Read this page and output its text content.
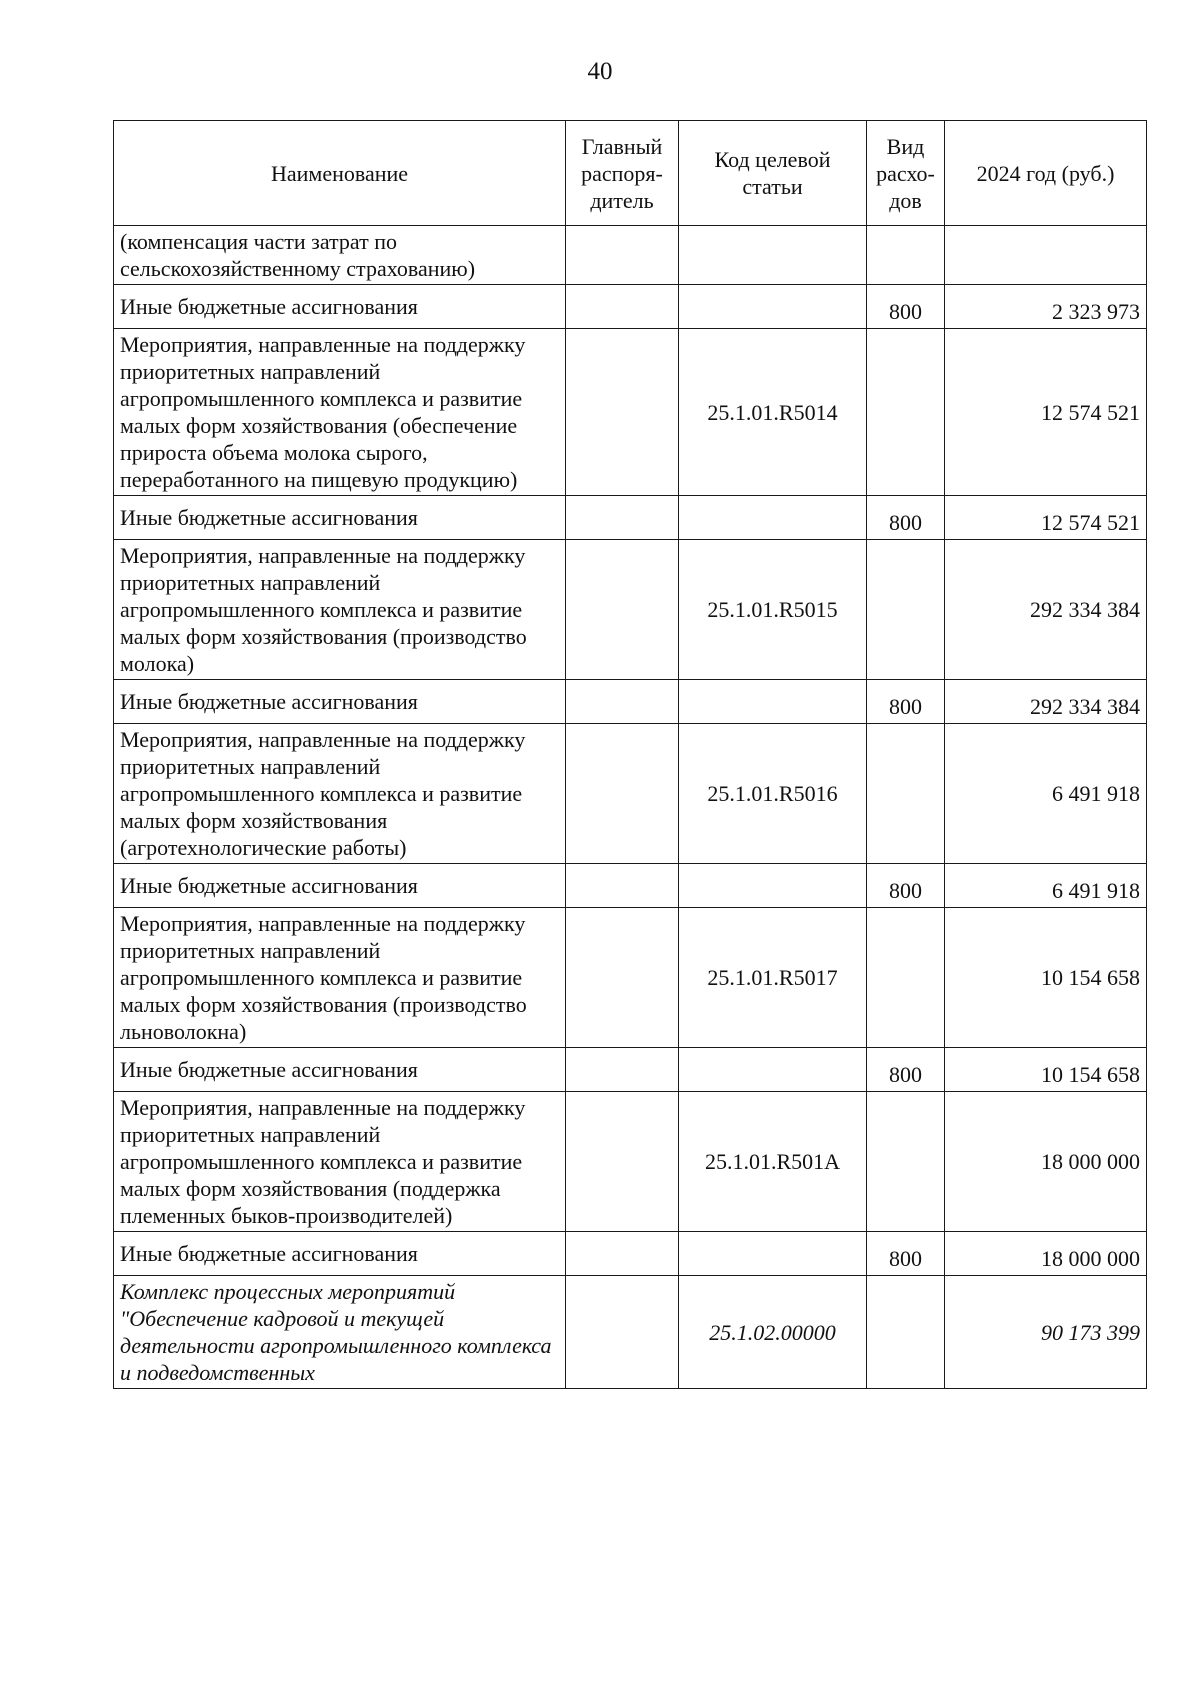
40
Наименование	Главный распоря-дитель	Код целевой статьи	Вид расхо-дов	2024 год (руб.)
(компенсация части затрат по сельскохозяйственному страхованию)				
Иные бюджетные ассигнования			800	2 323 973
Мероприятия, направленные на поддержку приоритетных направлений агропромышленного комплекса и развитие малых форм хозяйствования (обеспечение прироста объема молока сырого, переработанного на пищевую продукцию)		25.1.01.R5014		12 574 521
Иные бюджетные ассигнования			800	12 574 521
Мероприятия, направленные на поддержку приоритетных направлений агропромышленного комплекса и развитие малых форм хозяйствования (производство молока)		25.1.01.R5015		292 334 384
Иные бюджетные ассигнования			800	292 334 384
Мероприятия, направленные на поддержку приоритетных направлений агропромышленного комплекса и развитие малых форм хозяйствования (агротехнологические работы)		25.1.01.R5016		6 491 918
Иные бюджетные ассигнования			800	6 491 918
Мероприятия, направленные на поддержку приоритетных направлений агропромышленного комплекса и развитие малых форм хозяйствования (производство льноволокна)		25.1.01.R5017		10 154 658
Иные бюджетные ассигнования			800	10 154 658
Мероприятия, направленные на поддержку приоритетных направлений агропромышленного комплекса и развитие малых форм хозяйствования (поддержка племенных быков-производителей)		25.1.01.R501A		18 000 000
Иные бюджетные ассигнования			800	18 000 000
Комплекс процессных мероприятий "Обеспечение кадровой и текущей деятельности агропромышленного комплекса и подведомственных		25.1.02.00000		90 173 399
